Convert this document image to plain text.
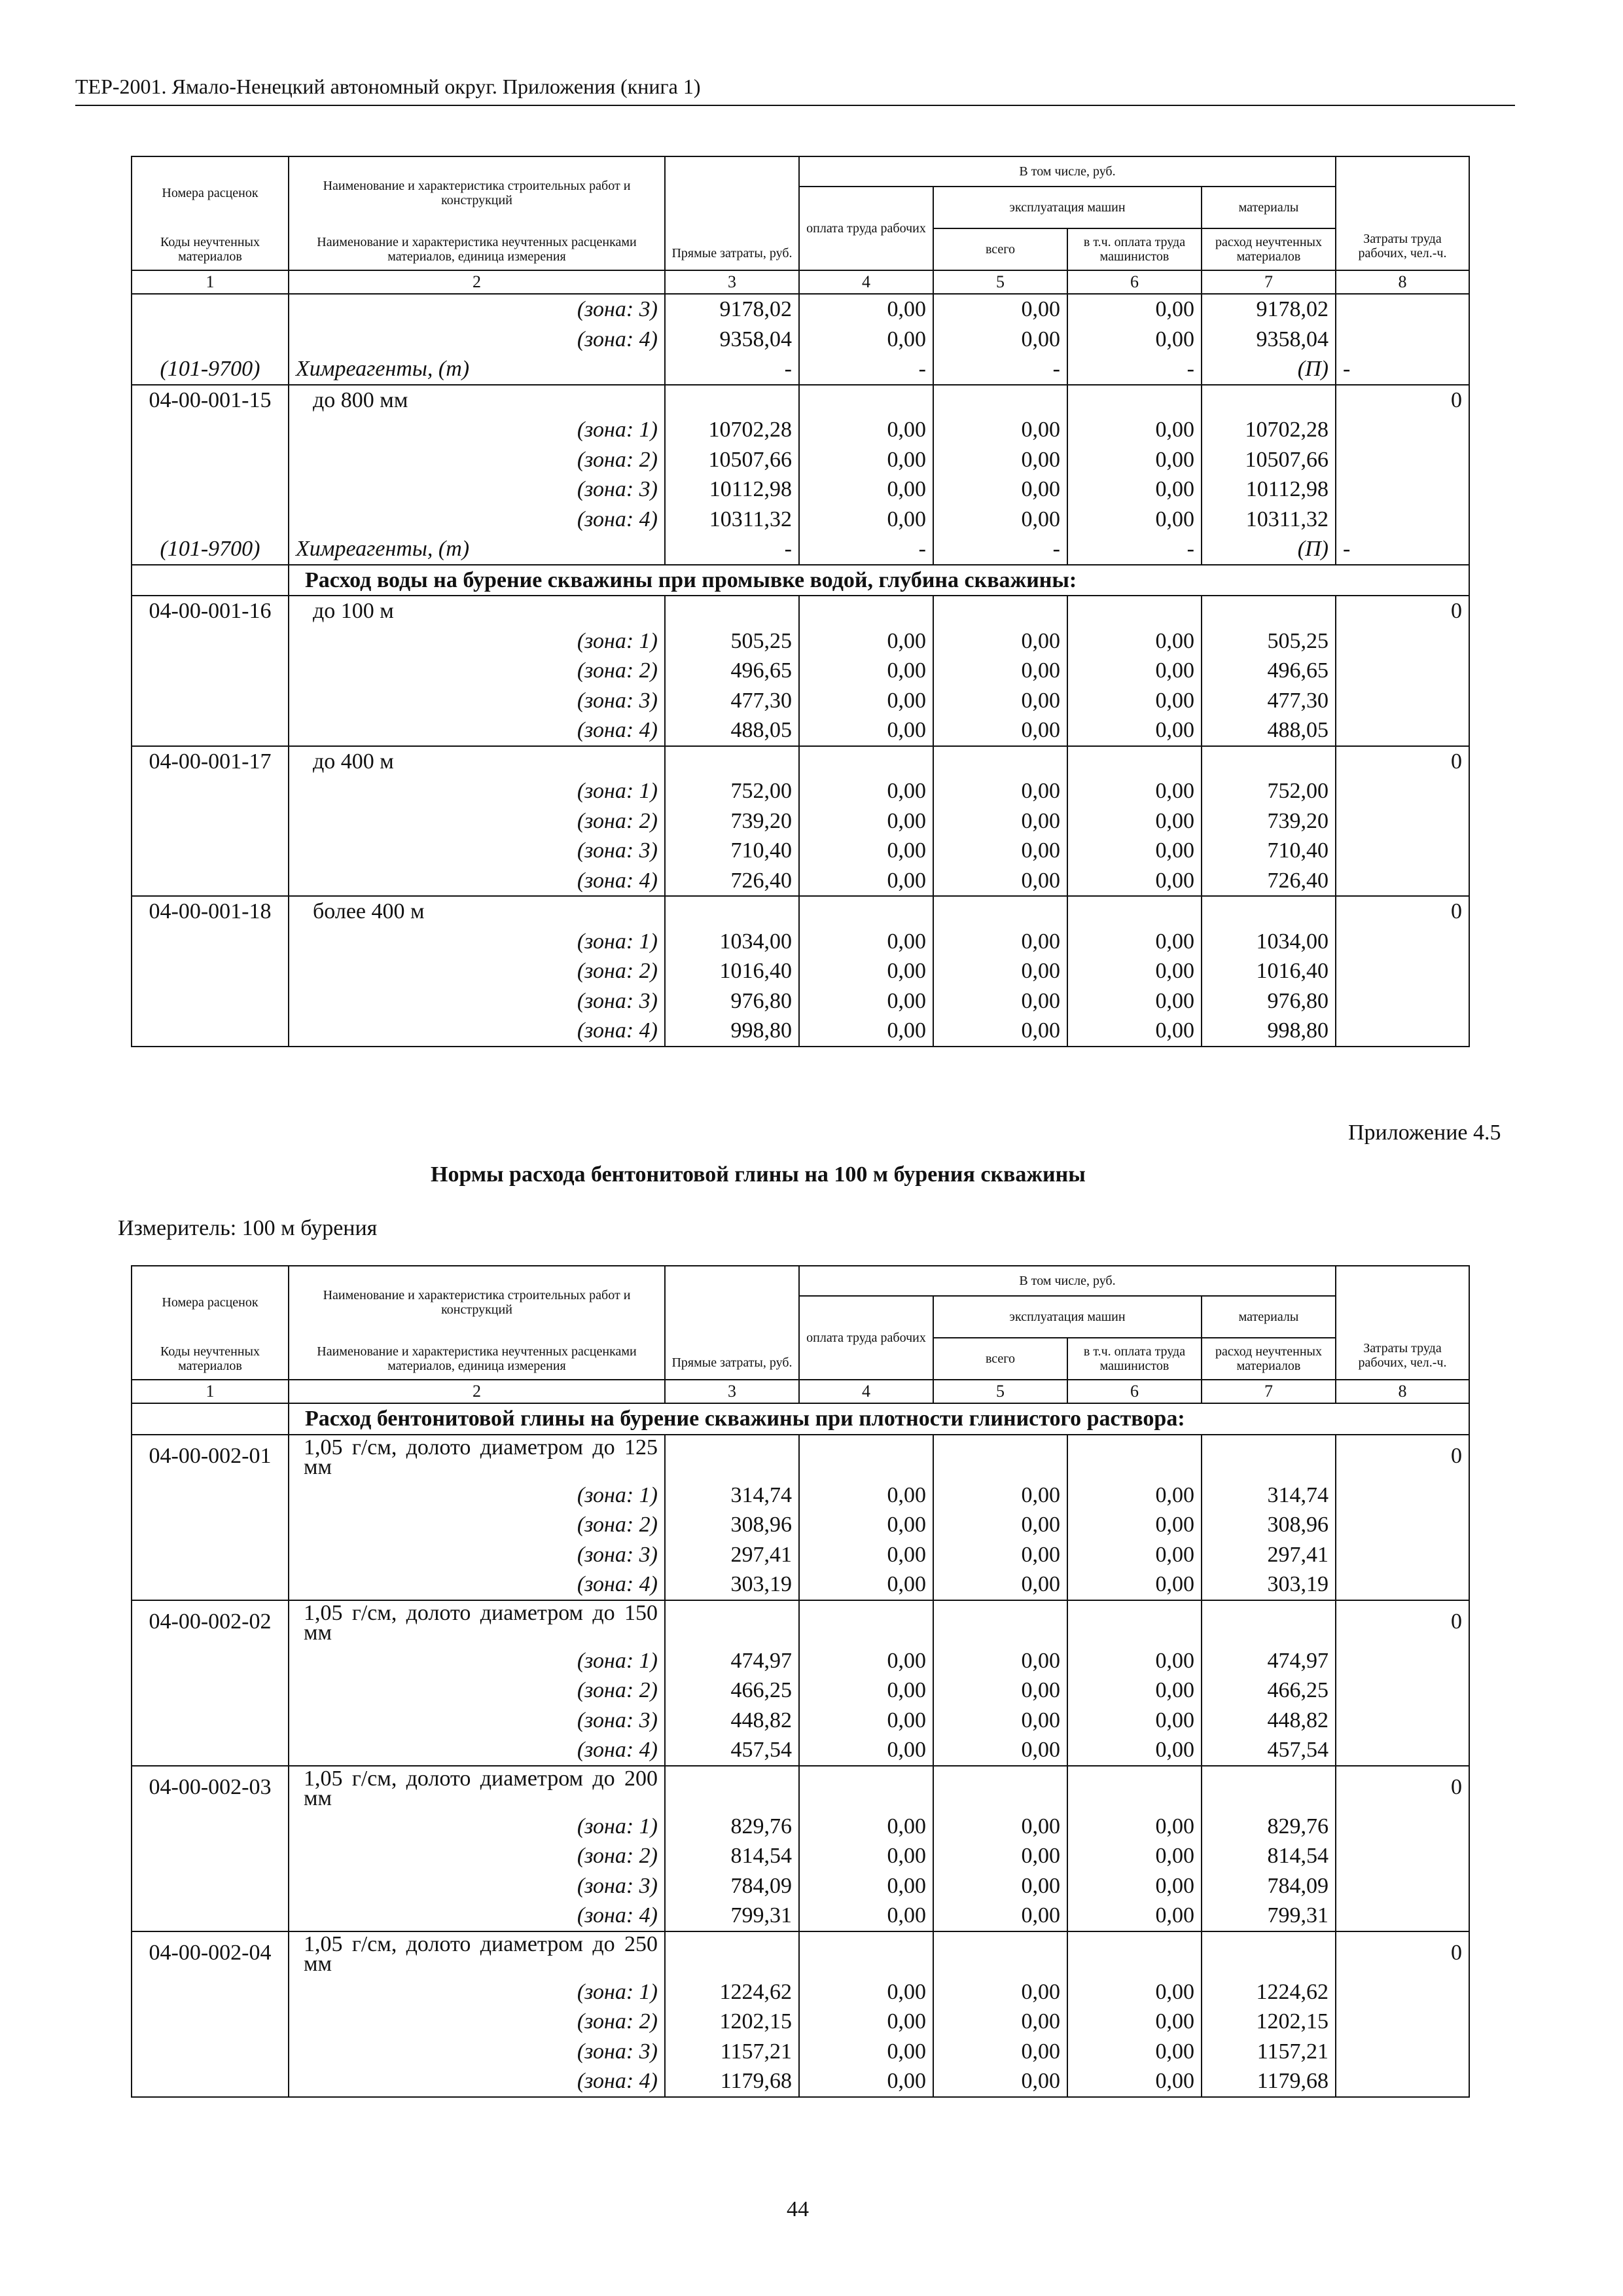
ТЕР-2001. Ямало-Ненецкий автономный округ. Приложения (книга 1)
Номера расценок	Наименование и характеристика строительных работ и конструкций	Прямые затраты, руб.	В том числе, руб.				Затраты труда рабочих, чел.-ч.
			оплата труда рабочих	эксплуатация машин		материалы	
Коды неучтенных материалов	Наименование и характеристика неучтенных расценками материалов, единица измерения			всего	в т.ч. оплата труда машинистов	расход неучтенных материалов	
1	2	3	4	5	6	7	8
	(зона: 3)	9178,02	0,00	0,00	0,00	9178,02	
	(зона: 4)	9358,04	0,00	0,00	0,00	9358,04	
(101-9700)	Химреагенты, (т)	-	-	-	-	(П)	-
04-00-001-15	до 800 мм						0
	(зона: 1)	10702,28	0,00	0,00	0,00	10702,28	
	(зона: 2)	10507,66	0,00	0,00	0,00	10507,66	
	(зона: 3)	10112,98	0,00	0,00	0,00	10112,98	
	(зона: 4)	10311,32	0,00	0,00	0,00	10311,32	
(101-9700)	Химреагенты, (т)	-	-	-	-	(П)	-
	Расход воды на бурение скважины при промывке водой, глубина скважины:						
04-00-001-16	до 100 м						0
	(зона: 1)	505,25	0,00	0,00	0,00	505,25	
	(зона: 2)	496,65	0,00	0,00	0,00	496,65	
	(зона: 3)	477,30	0,00	0,00	0,00	477,30	
	(зона: 4)	488,05	0,00	0,00	0,00	488,05	
04-00-001-17	до 400 м						0
	(зона: 1)	752,00	0,00	0,00	0,00	752,00	
	(зона: 2)	739,20	0,00	0,00	0,00	739,20	
	(зона: 3)	710,40	0,00	0,00	0,00	710,40	
	(зона: 4)	726,40	0,00	0,00	0,00	726,40	
04-00-001-18	более 400 м						0
	(зона: 1)	1034,00	0,00	0,00	0,00	1034,00	
	(зона: 2)	1016,40	0,00	0,00	0,00	1016,40	
	(зона: 3)	976,80	0,00	0,00	0,00	976,80	
	(зона: 4)	998,80	0,00	0,00	0,00	998,80	
Приложение 4.5
Нормы расхода бентонитовой глины на 100 м бурения скважины
Измеритель: 100 м бурения
Номера расценок	Наименование и характеристика строительных работ и конструкций	Прямые затраты, руб.	В том числе, руб.				Затраты труда рабочих, чел.-ч.
			оплата труда рабочих	эксплуатация машин		материалы	
Коды неучтенных материалов	Наименование и характеристика неучтенных расценками материалов, единица измерения			всего	в т.ч. оплата труда машинистов	расход неучтенных материалов	
1	2	3	4	5	6	7	8
	Расход бентонитовой глины на бурение скважины при плотности глинистого раствора:						
04-00-002-01	1,05 г/см, долото диаметром до 125 мм						0
	(зона: 1)	314,74	0,00	0,00	0,00	314,74	
	(зона: 2)	308,96	0,00	0,00	0,00	308,96	
	(зона: 3)	297,41	0,00	0,00	0,00	297,41	
	(зона: 4)	303,19	0,00	0,00	0,00	303,19	
04-00-002-02	1,05 г/см, долото диаметром до 150 мм						0
	(зона: 1)	474,97	0,00	0,00	0,00	474,97	
	(зона: 2)	466,25	0,00	0,00	0,00	466,25	
	(зона: 3)	448,82	0,00	0,00	0,00	448,82	
	(зона: 4)	457,54	0,00	0,00	0,00	457,54	
04-00-002-03	1,05 г/см, долото диаметром до 200 мм						0
	(зона: 1)	829,76	0,00	0,00	0,00	829,76	
	(зона: 2)	814,54	0,00	0,00	0,00	814,54	
	(зона: 3)	784,09	0,00	0,00	0,00	784,09	
	(зона: 4)	799,31	0,00	0,00	0,00	799,31	
04-00-002-04	1,05 г/см, долото диаметром до 250 мм						0
	(зона: 1)	1224,62	0,00	0,00	0,00	1224,62	
	(зона: 2)	1202,15	0,00	0,00	0,00	1202,15	
	(зона: 3)	1157,21	0,00	0,00	0,00	1157,21	
	(зона: 4)	1179,68	0,00	0,00	0,00	1179,68	
44
